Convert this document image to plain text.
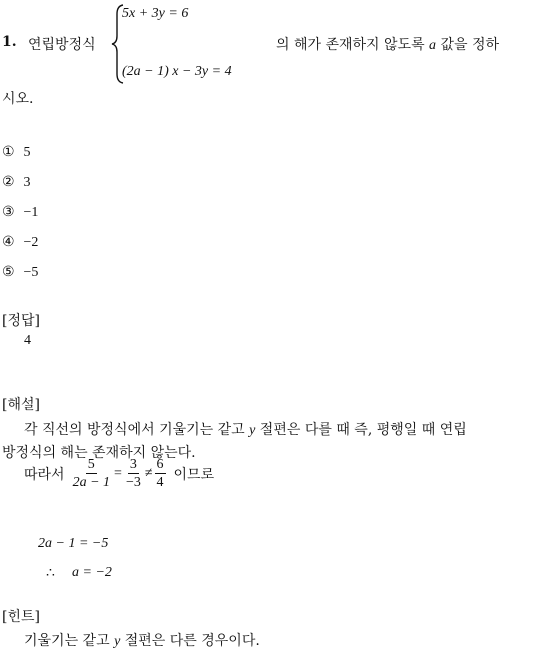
1. 연립방정식
5x + 3y = 6
(2a − 1) x − 3y = 4
의 해가 존재하지 않도록 a 값을 정하
시오.
① 5
② 3
③ −1
④ −2
⑤ −5
[정답]
4
[해설]
각 직선의 방정식에서 기울기는 같고 y 절편은 다를 때 즉, 평행일 때 연립
방정식의 해는 존재하지 않는다.
따라서 $\frac{5}{2a - 1} = \frac{3}{-3} \ne \frac{6}{4}$ 이므로
2a − 1 = −5
∴ a = −2
[힌트]
기울기는 같고 y 절편은 다른 경우이다.
